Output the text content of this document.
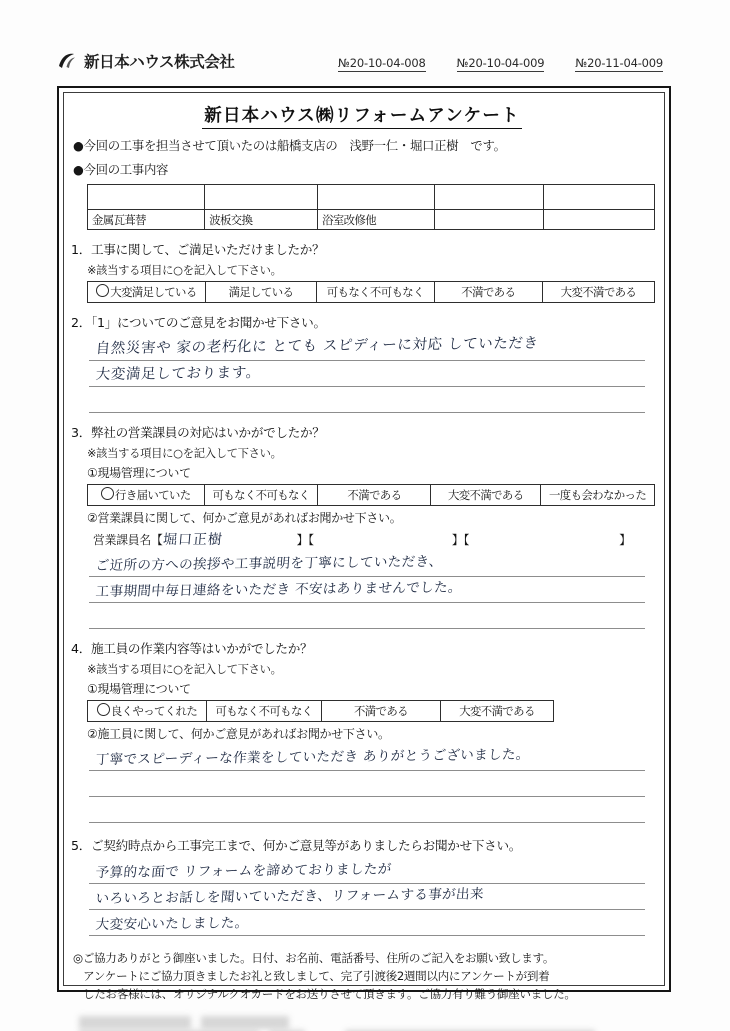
新日本ハウス株式会社	№20-10-04-008	№20-10-04-009	№20-11-04-009
新日本ハウス㈱リフォームアンケート
●今回の工事を担当させて頂いたのは船橋支店の　浅野一仁・堀口正樹　です。
●今回の工事内容

金属瓦葺替	波板交換	浴室改修他		
1．工事に関して、ご満足いただけましたか？
※該当する項目に○を記入して下さい。
大変満足している	満足している	可もなく不可もなく	不満である	大変不満である
2．「1」についてのご意見をお聞かせ下さい。
自然災害や 家の老朽化に とても スピディーに対応 していただき
大変満足しております。
3．弊社の営業課員の対応はいかがでしたか？
※該当する項目に○を記入して下さい。
①現場管理について
行き届いていた	可もなく不可もなく	不満である	大変不満である	一度も会わなかった
②営業課員に関して、何かご意見があればお聞かせ下さい。
営業課員名【堀口正樹	】【	】【	】
ご近所の方への挨拶や工事説明を丁寧にしていただき、
工事期間中毎日連絡をいただき 不安はありませんでした。
4．施工員の作業内容等はいかがでしたか？
※該当する項目に○を記入して下さい。
①現場管理について
良くやってくれた	可もなく不可もなく	不満である	大変不満である
②施工員に関して、何かご意見があればお聞かせ下さい。
丁寧でスピーディーな作業をしていただき ありがとうございました。
5．ご契約時点から工事完工まで、何かご意見等がありましたらお聞かせ下さい。
予算的な面で リフォームを諦めておりましたが
いろいろとお話しを聞いていただき、リフォームする事が出来
大変安心いたしました。
◎ご協力ありがとう御座いました。日付、お名前、電話番号、住所のご記入をお願い致します。
アンケートにご協力頂きましたお礼と致しまして、完了引渡後2週間以内にアンケートが到着
したお客様には、オリジナルクオカードをお送りさせて頂きます。ご協力有り難う御座いました。
